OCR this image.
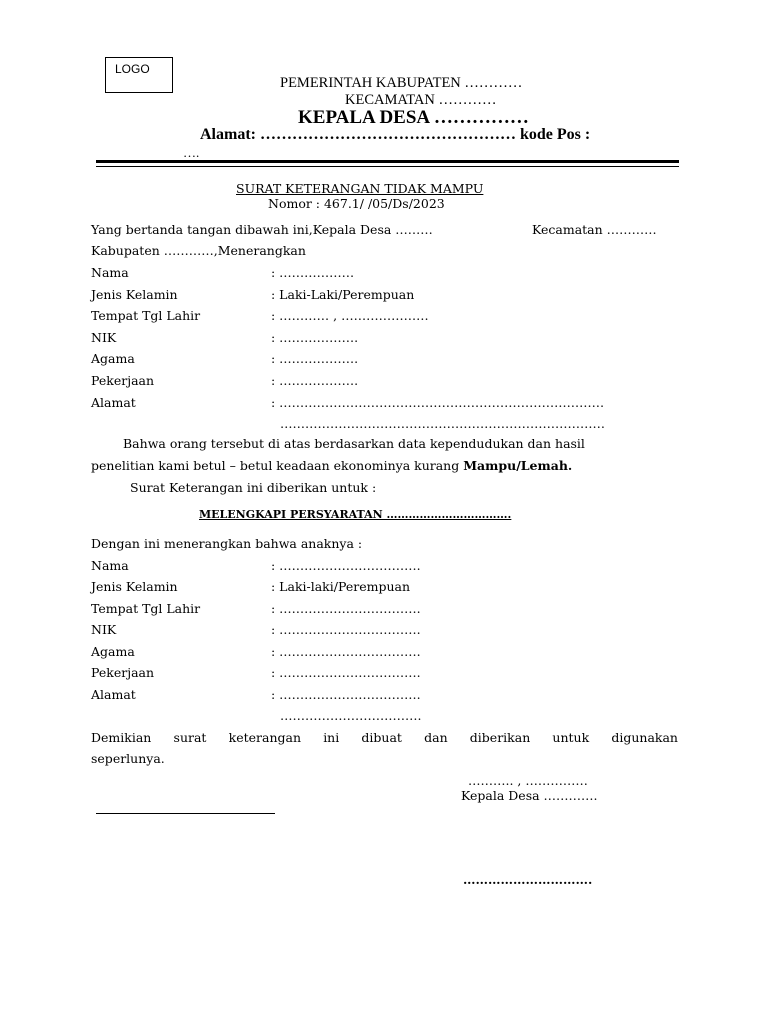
LOGO
PEMERINTAH KABUPATEN …………
KECAMATAN …………
KEPALA DESA ……………
Alamat: ………………………………………… kode Pos :
….
SURAT KETERANGAN TIDAK MAMPU
Nomor : 467.1/ /05/Ds/2023
Yang bertanda tangan dibawah ini,Kepala Desa ………	Kecamatan …………
Kabupaten …………,Menerangkan
Nama	: ………………
Jenis Kelamin	: Laki-Laki/Perempuan
Tempat Tgl Lahir	: ………… , …………………
NIK	: ……………….
Agama	: ……………….
Pekerjaan	: ……………….
Alamat	: ……………………………………………………………………
……………………………………………………………………
Bahwa orang tersebut di atas berdasarkan data kependudukan dan hasil
penelitian kami betul – betul keadaan ekonominya kurang Mampu/Lemah.
Surat Keterangan ini diberikan untuk :
MELENGKAPI PERSYARATAN …………………………….
Dengan ini menerangkan bahwa anaknya :
Nama	: …………………………….
Jenis Kelamin	: Laki-laki/Perempuan
Tempat Tgl Lahir	: …………………………….
NIK	: …………………………….
Agama	: …………………………….
Pekerjaan	: …………………………….
Alamat	: …………………………….
…………………………….
Demikian surat keterangan ini dibuat dan diberikan untuk digunakan
seperlunya.
……….. , ……………
Kepala Desa ………….
………………………….
